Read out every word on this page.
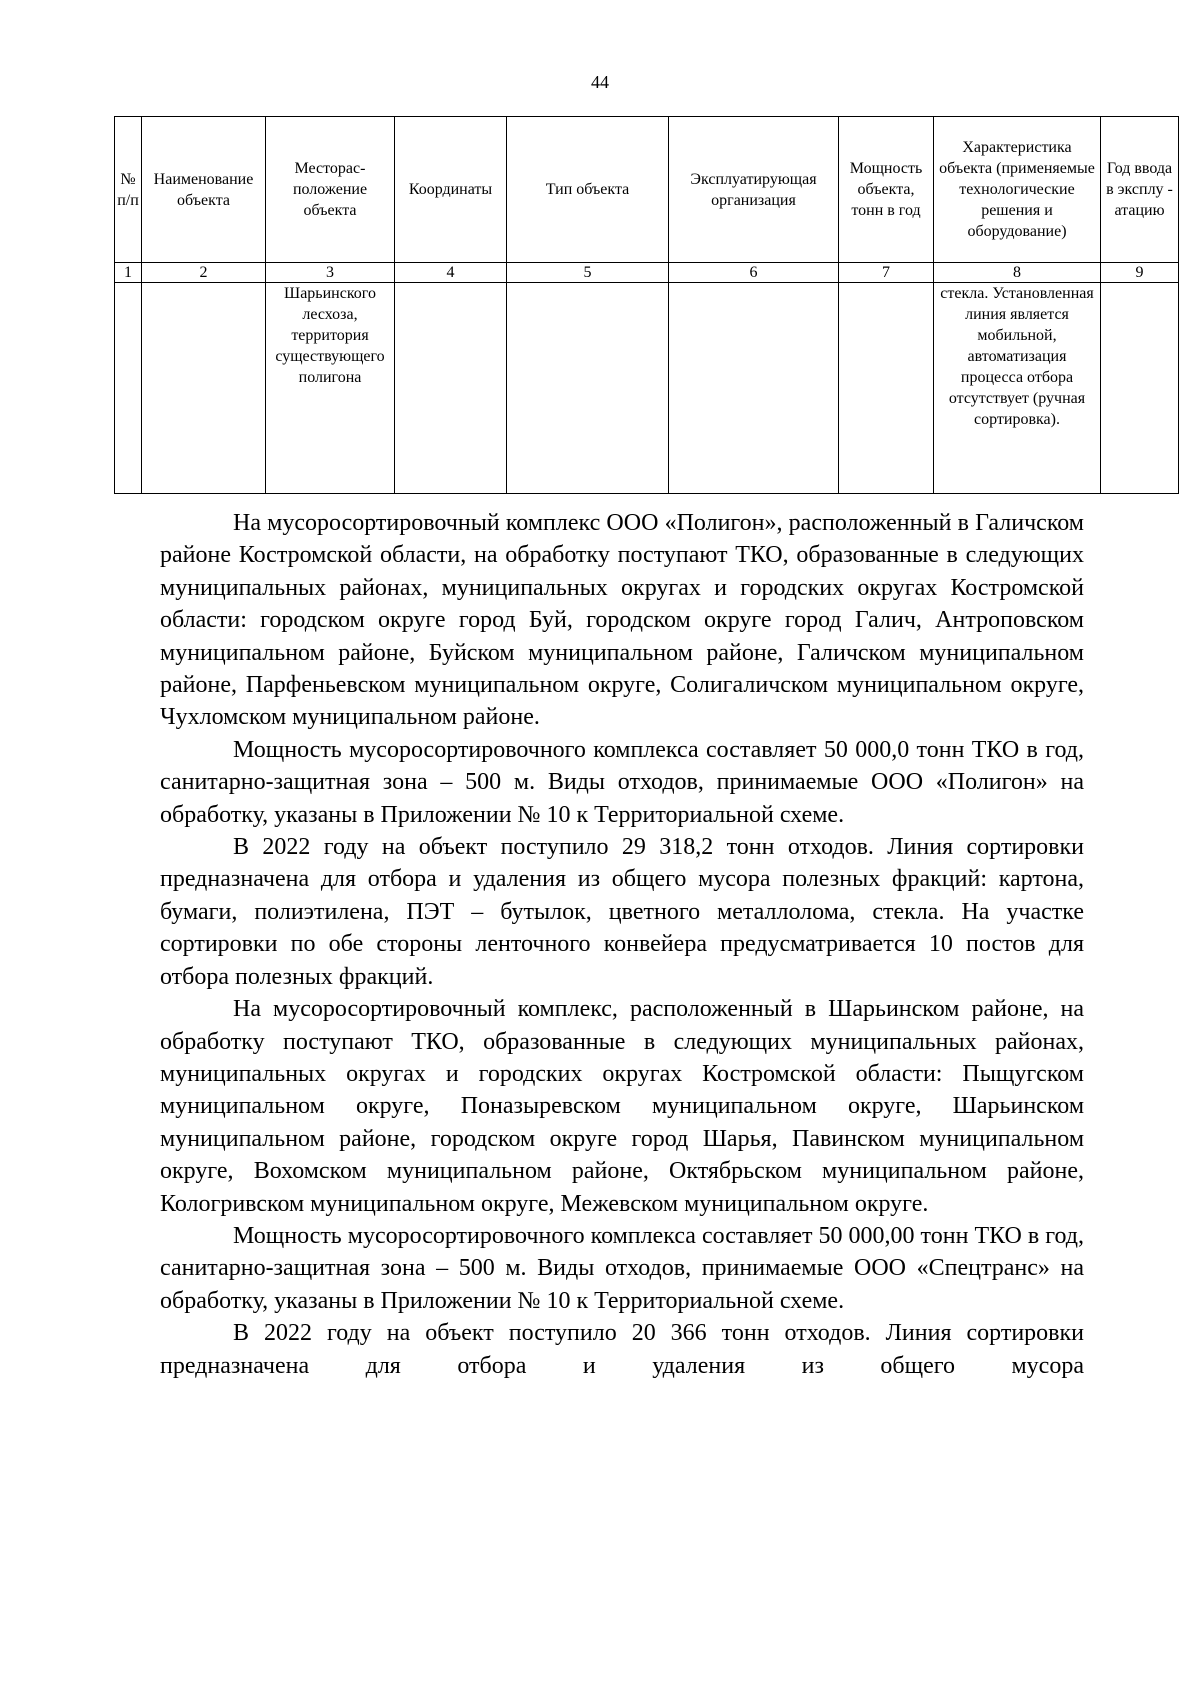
44
№ п/п	Наименование объекта	Месторас- положение объекта	Координаты	Тип объекта	Эксплуатирующая организация	Мощность объекта, тонн в год	Характеристика объекта (применяемые технологические решения и оборудование)	Год ввода в эксплу - атацию
1	2	3	4	5	6	7	8	9
		Шарьинского лесхоза, территория существующего полигона					стекла. Установленная линия является мобильной, автоматизация процесса отбора отсутствует (ручная сортировка).	

На мусоросортировочный комплекс ООО «Полигон», расположенный в Галичском районе Костромской области, на обработку поступают ТКО, образованные в следующих муниципальных районах, муниципальных округах и городских округах Костромской области: городском округе город Буй, городском округе город Галич, Антроповском муниципальном районе, Буйском муниципальном районе, Галичском муниципальном районе, Парфеньевском муниципальном округе, Солигаличском муниципальном округе, Чухломском муниципальном районе.

Мощность мусоросортировочного комплекса составляет 50 000,0 тонн ТКО в год, санитарно-защитная зона – 500 м. Виды отходов, принимаемые ООО «Полигон» на обработку, указаны в Приложении № 10 к Территориальной схеме.

В 2022 году на объект поступило 29 318,2 тонн отходов. Линия сортировки предназначена для отбора и удаления из общего мусора полезных фракций: картона, бумаги, полиэтилена, ПЭТ – бутылок, цветного металлолома, стекла. На участке сортировки по обе стороны ленточного конвейера предусматривается 10 постов для отбора полезных фракций.

На мусоросортировочный комплекс, расположенный в Шарьинском районе, на обработку поступают ТКО, образованные в следующих муниципальных районах, муниципальных округах и городских округах Костромской области: Пыщугском муниципальном округе, Поназыревском муниципальном округе, Шарьинском муниципальном районе, городском округе город Шарья, Павинском муниципальном округе, Вохомском муниципальном районе, Октябрьском муниципальном районе, Кологривском муниципальном округе, Межевском муниципальном округе.

Мощность мусоросортировочного комплекса составляет 50 000,00 тонн ТКО в год, санитарно-защитная зона – 500 м. Виды отходов, принимаемые ООО «Спецтранс» на обработку, указаны в Приложении № 10 к Территориальной схеме.

В 2022 году на объект поступило 20 366 тонн отходов. Линия сортировки предназначена для отбора и удаления из общего мусора
